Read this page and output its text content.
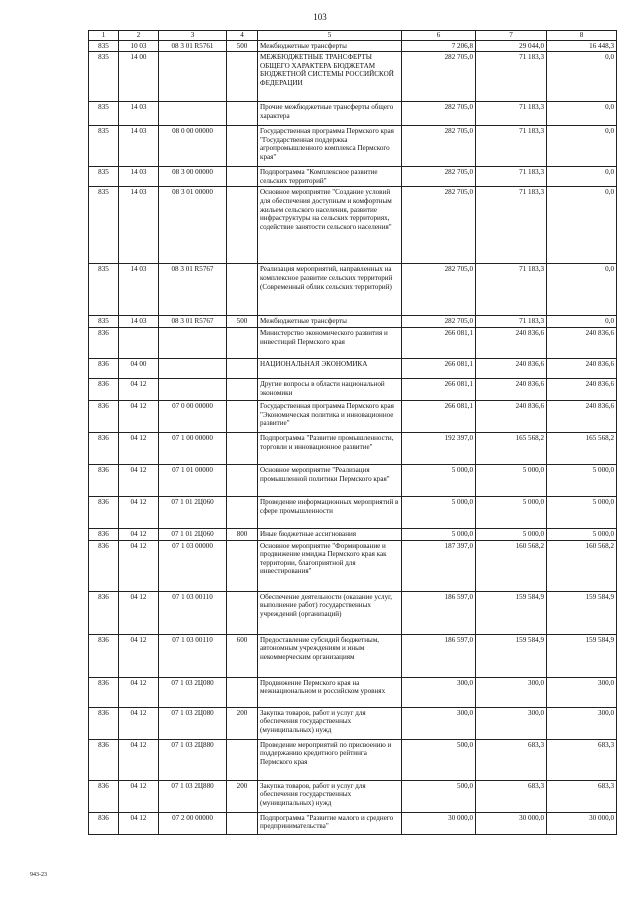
103
1	2	3	4	5	6	7	8
835	10 03	08 3 01 R5761	500	Межбюджетные трансферты	7 206,8	29 044,0	16 448,3
835	14 00			МЕЖБЮДЖЕТНЫЕ ТРАНСФЕРТЫ ОБЩЕГО ХАРАКТЕРА БЮДЖЕТАМ БЮДЖЕТНОЙ СИСТЕМЫ РОССИЙСКОЙ ФЕДЕРАЦИИ	282 705,0	71 183,3	0,0
835	14 03			Прочие межбюджетные трансферты общего характера	282 705,0	71 183,3	0,0
835	14 03	08 0 00 00000		Государственная программа Пермского края "Государственная поддержка агропромышленного комплекса Пермского края"	282 705,0	71 183,3	0,0
835	14 03	08 3 00 00000		Подпрограмма "Комплексное развитие сельских территорий"	282 705,0	71 183,3	0,0
835	14 03	08 3 01 00000		Основное мероприятие "Создание условий для обеспечения доступным и комфортным жильем сельского населения, развитие инфраструктуры на сельских территориях, содействие занятости сельского населения"	282 705,0	71 183,3	0,0
835	14 03	08 3 01 R5767		Реализация мероприятий, направленных на комплексное развитие сельских территорий (Современный облик сельских территорий)	282 705,0	71 183,3	0,0
835	14 03	08 3 01 R5767	500	Межбюджетные трансферты	282 705,0	71 183,3	0,0
836				Министерство экономического развития и инвестиций Пермского края	266 081,1	240 836,6	240 836,6
836	04 00			НАЦИОНАЛЬНАЯ ЭКОНОМИКА	266 081,1	240 836,6	240 836,6
836	04 12			Другие вопросы в области национальной экономики	266 081,1	240 836,6	240 836,6
836	04 12	07 0 00 00000		Государственная программа Пермского края "Экономическая политика и инновационное развитие"	266 081,1	240 836,6	240 836,6
836	04 12	07 1 00 00000		Подпрограмма "Развитие промышленности, торговли и инновационное развитие"	192 397,0	165 568,2	165 568,2
836	04 12	07 1 01 00000		Основное мероприятие "Реализация промышленной политики Пермского края"	5 000,0	5 000,0	5 000,0
836	04 12	07 1 01 2Ц060		Проведение информационных мероприятий в сфере промышленности	5 000,0	5 000,0	5 000,0
836	04 12	07 1 01 2Ц060	800	Иные бюджетные ассигнования	5 000,0	5 000,0	5 000,0
836	04 12	07 1 03 00000		Основное мероприятие "Формирование и продвижение имиджа Пермского края как территории, благоприятной для инвестирования"	187 397,0	160 568,2	160 568,2
836	04 12	07 1 03 00110		Обеспечение деятельности (оказание услуг, выполнение работ) государственных учреждений (организаций)	186 597,0	159 584,9	159 584,9
836	04 12	07 1 03 00110	600	Предоставление субсидий бюджетным, автономным учреждениям и иным некоммерческим организациям	186 597,0	159 584,9	159 584,9
836	04 12	07 1 03 2Ц080		Продвижение Пермского края на межнациональном и российском уровнях	300,0	300,0	300,0
836	04 12	07 1 03 2Ц080	200	Закупка товаров, работ и услуг для обеспечения государственных (муниципальных) нужд	300,0	300,0	300,0
836	04 12	07 1 03 2Ц880		Проведение мероприятий по присвоению и поддержанию кредитного рейтинга Пермского края	500,0	683,3	683,3
836	04 12	07 1 03 2Ц880	200	Закупка товаров, работ и услуг для обеспечения государственных (муниципальных) нужд	500,0	683,3	683,3
836	04 12	07 2 00 00000		Подпрограмма "Развитие малого и среднего предпринимательства"	30 000,0	30 000,0	30 000,0
943-23
